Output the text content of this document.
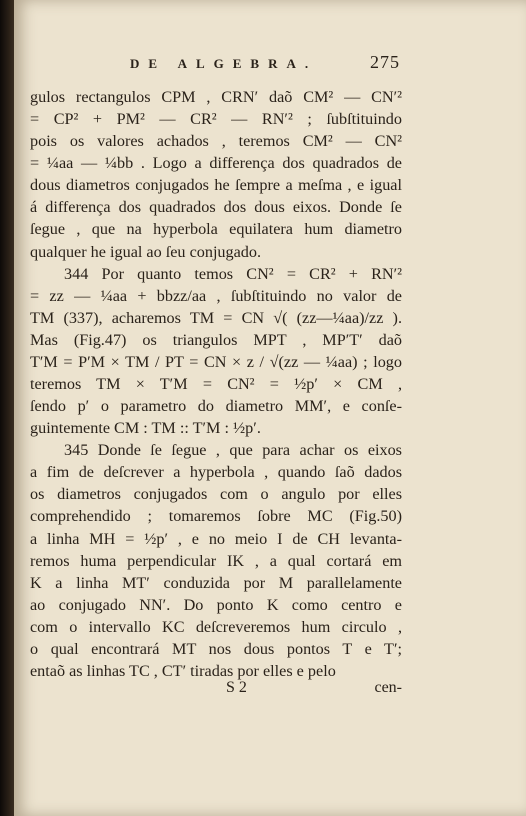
DE ALGEBRA.	275
gulos rectangulos CPM , CRN′ daõ CM² — CN′²
= CP² + PM² — CR² — RN′² ; ſubſtituindo
pois os valores achados , teremos CM² — CN²
= ¼aa — ¼bb . Logo a differença dos quadrados de
dous diametros conjugados he ſempre a meſma , e igual
á differença dos quadrados dos dous eixos. Donde ſe
ſegue , que na hyperbola equilatera hum diametro
qualquer he igual ao ſeu conjugado.
344 Por quanto temos CN² = CR² + RN′²
= zz — ¼aa + bbzz/aa , ſubſtituindo no valor de
TM (337), acharemos TM = CN √( (zz—¼aa)/zz ).
Mas (Fig.47) os triangulos MPT , MP′T′ daõ
T′M = P′M × TM / PT = CN × z / √(zz — ¼aa) ; logo
teremos TM × T′M = CN² = ½p′ × CM ,
ſendo p′ o parametro do diametro MM′, e conſe-
guintemente CM : TM :: T′M : ½p′.
345 Donde ſe ſegue , que para achar os eixos
a fim de deſcrever a hyperbola , quando ſaõ dados
os diametros conjugados com o angulo por elles
comprehendido ; tomaremos ſobre MC (Fig.50)
a linha MH = ½p′ , e no meio I de CH levanta-
remos huma perpendicular IK , a qual cortará em
K a linha MT′ conduzida por M parallelamente
ao conjugado NN′. Do ponto K como centro e
com o intervallo KC deſcreveremos hum circulo ,
o qual encontrará MT nos dous pontos T e T′;
entaõ as linhas TC , CT′ tiradas por elles e pelo
S 2	cen-
